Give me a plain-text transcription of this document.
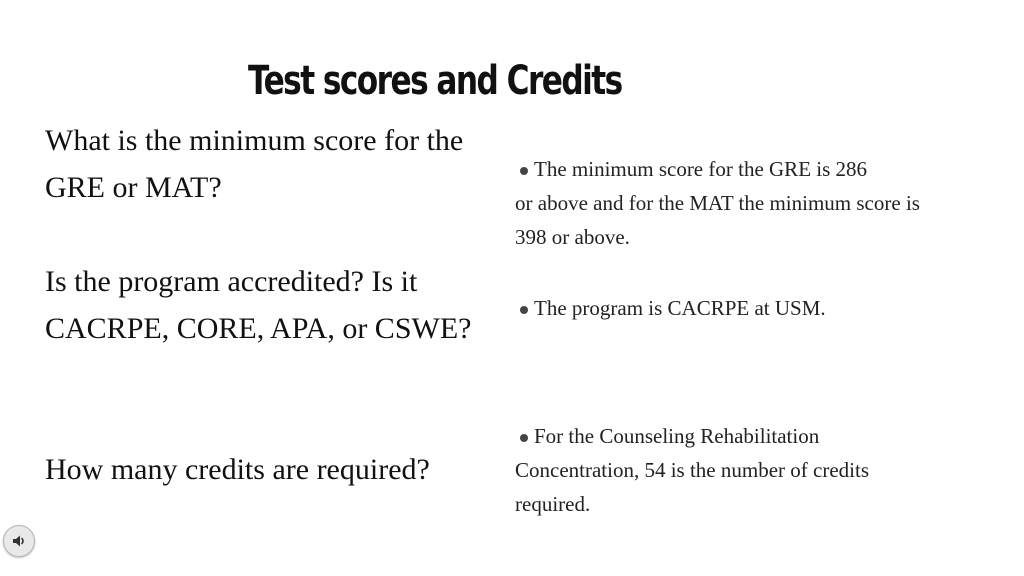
Test scores and Credits

What is the minimum score for the GRE or MAT?

Is the program accredited? Is it CACRPE, CORE, APA, or CSWE?

How many credits are required?

The minimum score for the GRE is 286
or above and for the MAT the minimum score is 398 or above.
The program is CACRPE at USM.
For the Counseling Rehabilitation
Concentration, 54 is the number of credits required.
